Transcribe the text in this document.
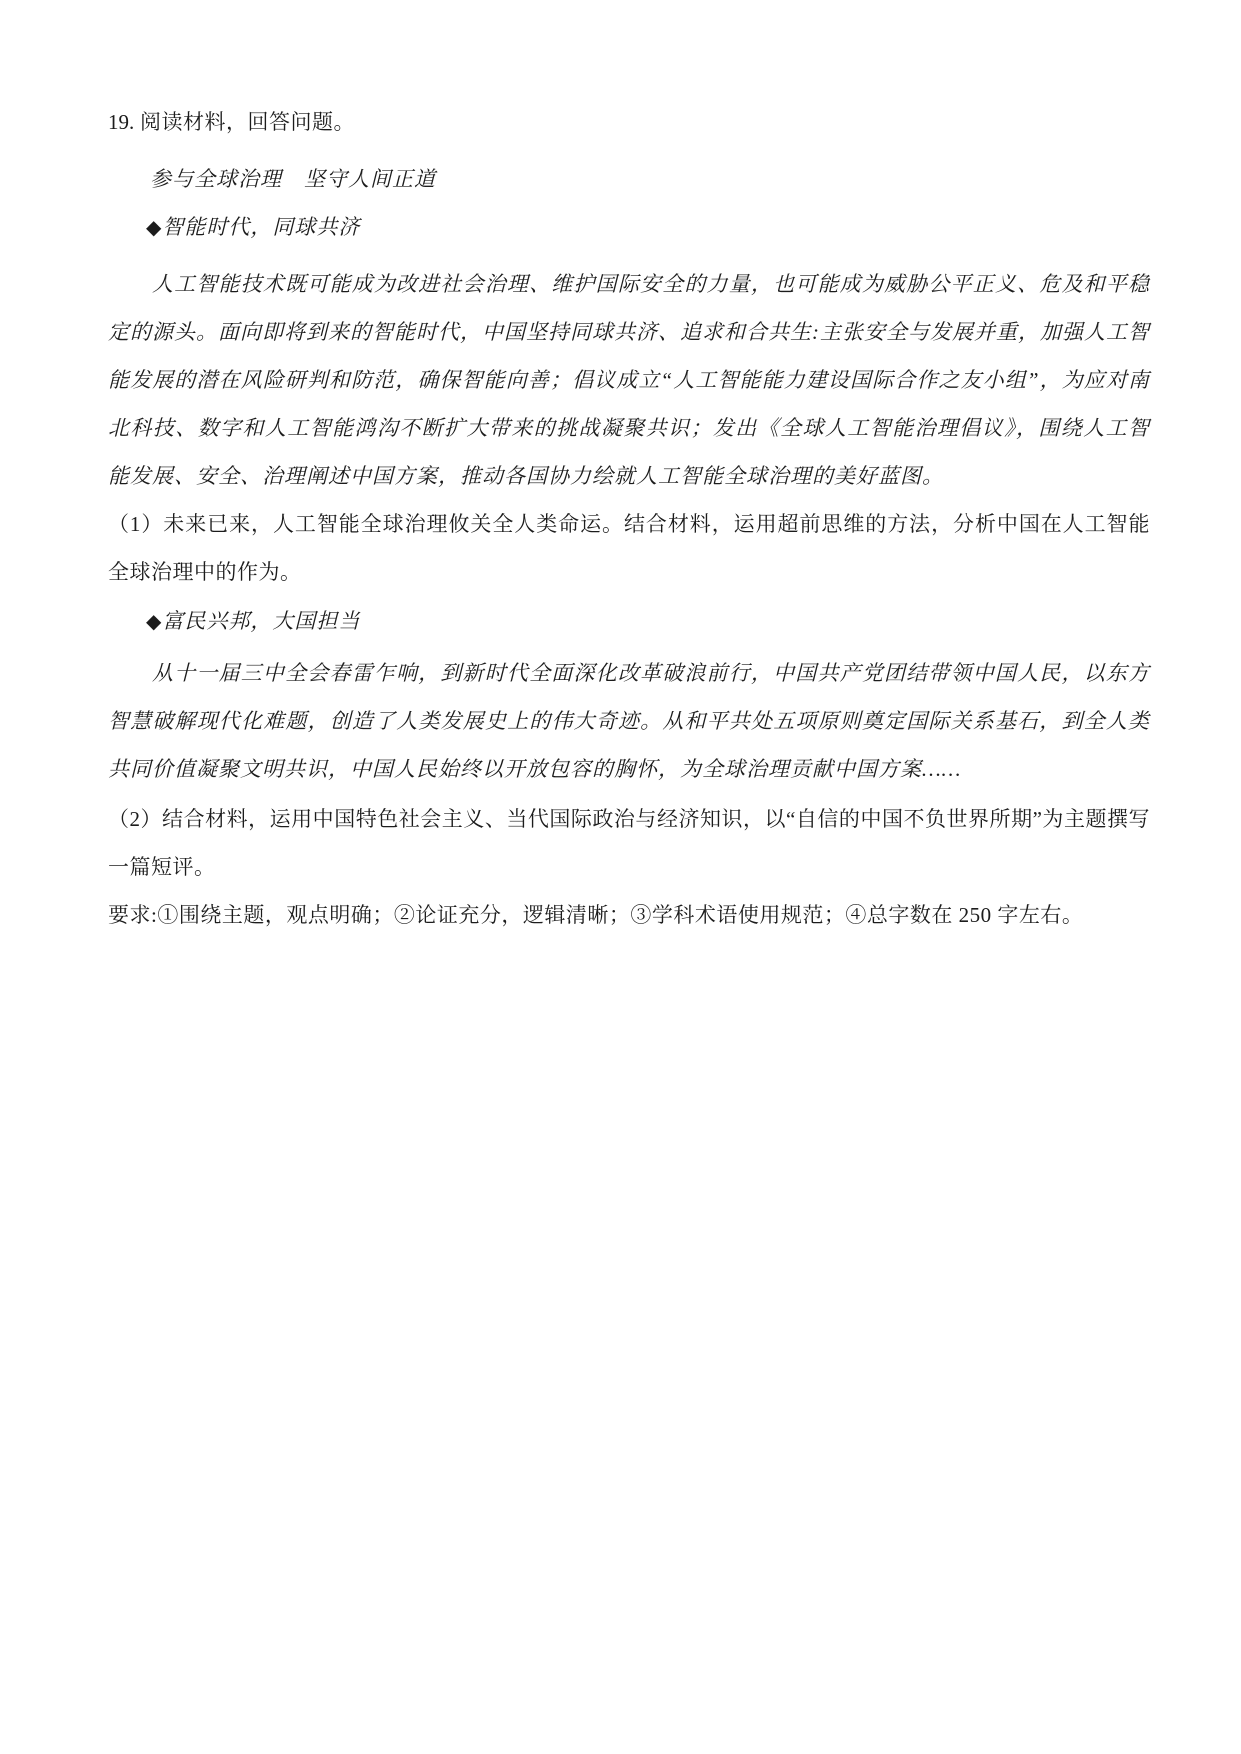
19. 阅读材料，回答问题。
参与全球治理　坚守人间正道
◆智能时代，同球共济
人工智能技术既可能成为改进社会治理、维护国际安全的力量，也可能成为威胁公平正义、危及和平稳定的源头。面向即将到来的智能时代，中国坚持同球共济、追求和合共生:主张安全与发展并重，加强人工智能发展的潜在风险研判和防范，确保智能向善；倡议成立“人工智能能力建设国际合作之友小组”，为应对南北科技、数字和人工智能鸿沟不断扩大带来的挑战凝聚共识；发出《全球人工智能治理倡议》，围绕人工智能发展、安全、治理阐述中国方案，推动各国协力绘就人工智能全球治理的美好蓝图。
（1）未来已来，人工智能全球治理攸关全人类命运。结合材料，运用超前思维的方法，分析中国在人工智能全球治理中的作为。
◆富民兴邦，大国担当
从十一届三中全会春雷乍响，到新时代全面深化改革破浪前行，中国共产党团结带领中国人民，以东方智慧破解现代化难题，创造了人类发展史上的伟大奇迹。从和平共处五项原则奠定国际关系基石，到全人类共同价值凝聚文明共识，中国人民始终以开放包容的胸怀，为全球治理贡献中国方案……
（2）结合材料，运用中国特色社会主义、当代国际政治与经济知识，以“自信的中国不负世界所期”为主题撰写一篇短评。
要求:①围绕主题，观点明确；②论证充分，逻辑清晰；③学科术语使用规范；④总字数在 250 字左右。
